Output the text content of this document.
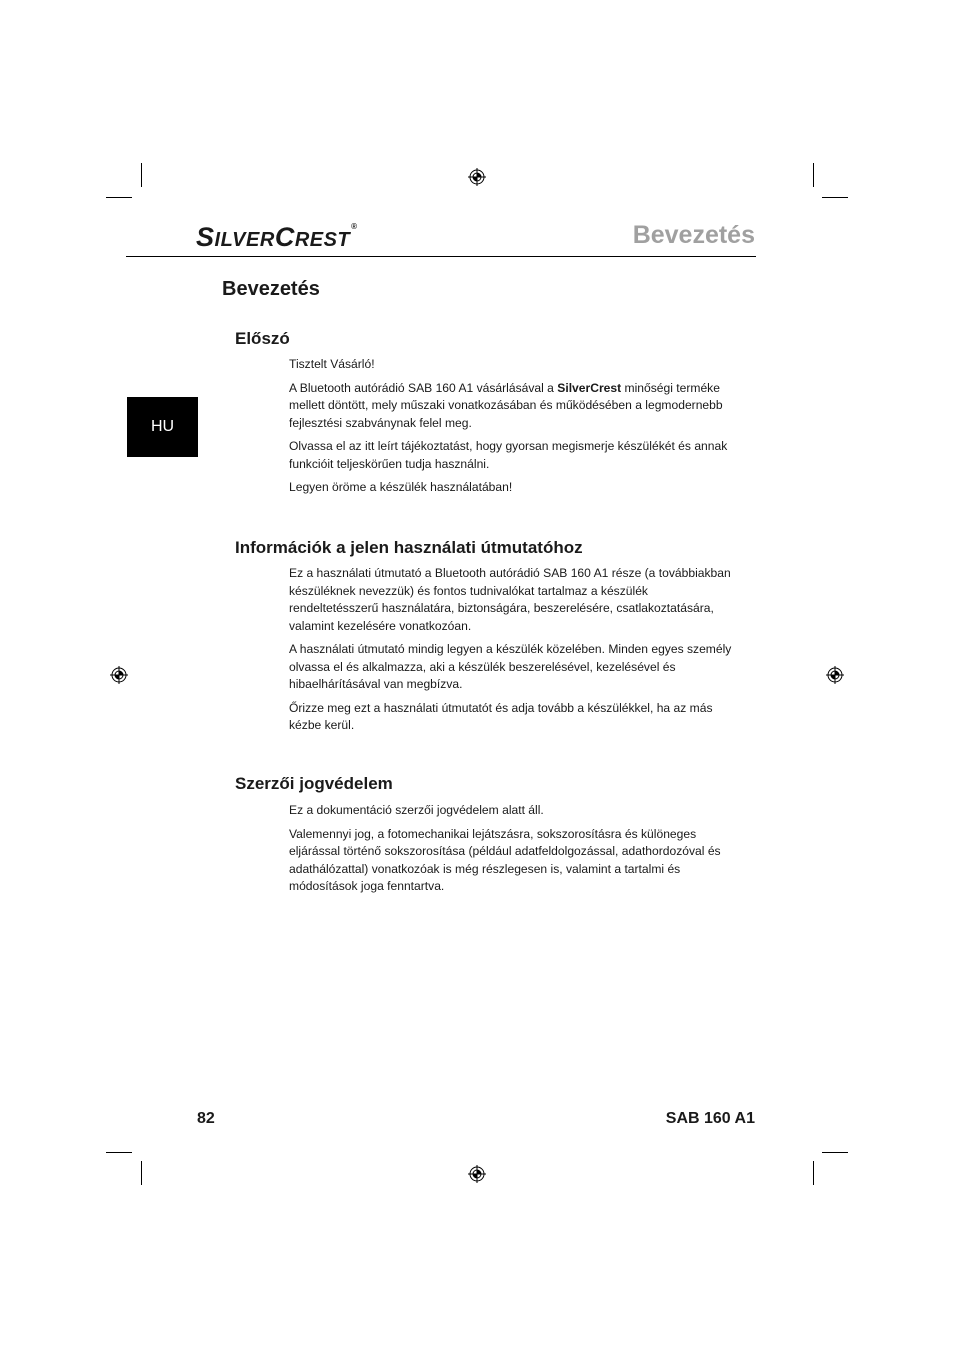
SILVERCREST®	Bevezetés
HU
Bevezetés
Előszó

Tisztelt Vásárló!

A Bluetooth autórádió SAB 160 A1 vásárlásával a SilverCrest minőségi terméke mellett döntött, mely műszaki vonatkozásában és működésében a legmodernebb fejlesztési szabványnak felel meg.

Olvassa el az itt leírt tájékoztatást, hogy gyorsan megismerje készülékét és annak funkcióit teljeskörűen tudja használni.

Legyen öröme a készülék használatában!

Információk a jelen használati útmutatóhoz

Ez a használati útmutató a Bluetooth autórádió SAB 160 A1 része (a továbbiakban készüléknek nevezzük) és fontos tudnivalókat tartalmaz a készülék rendeltetésszerű használatára, biztonságára, beszerelésére, csatlakoztatására, valamint kezelésére vonatkozóan.

A használati útmutató mindig legyen a készülék közelében. Minden egyes személy olvassa el és alkalmazza, aki a készülék beszerelésével, kezelésével és hibaelhárításával van megbízva.

Őrizze meg ezt a használati útmutatót és adja tovább a készülékkel, ha az más kézbe kerül.

Szerzői jogvédelem

Ez a dokumentáció szerzői jogvédelem alatt áll.

Valemennyi jog, a fotomechanikai lejátszásra, sokszorosításra és különeges eljárással történő sokszorosítása (például adatfeldolgozással, adathordozóval és adathálózattal) vonatkozóak is még részlegesen is, valamint a tartalmi és módosítások joga fenntartva.

82	SAB 160 A1
